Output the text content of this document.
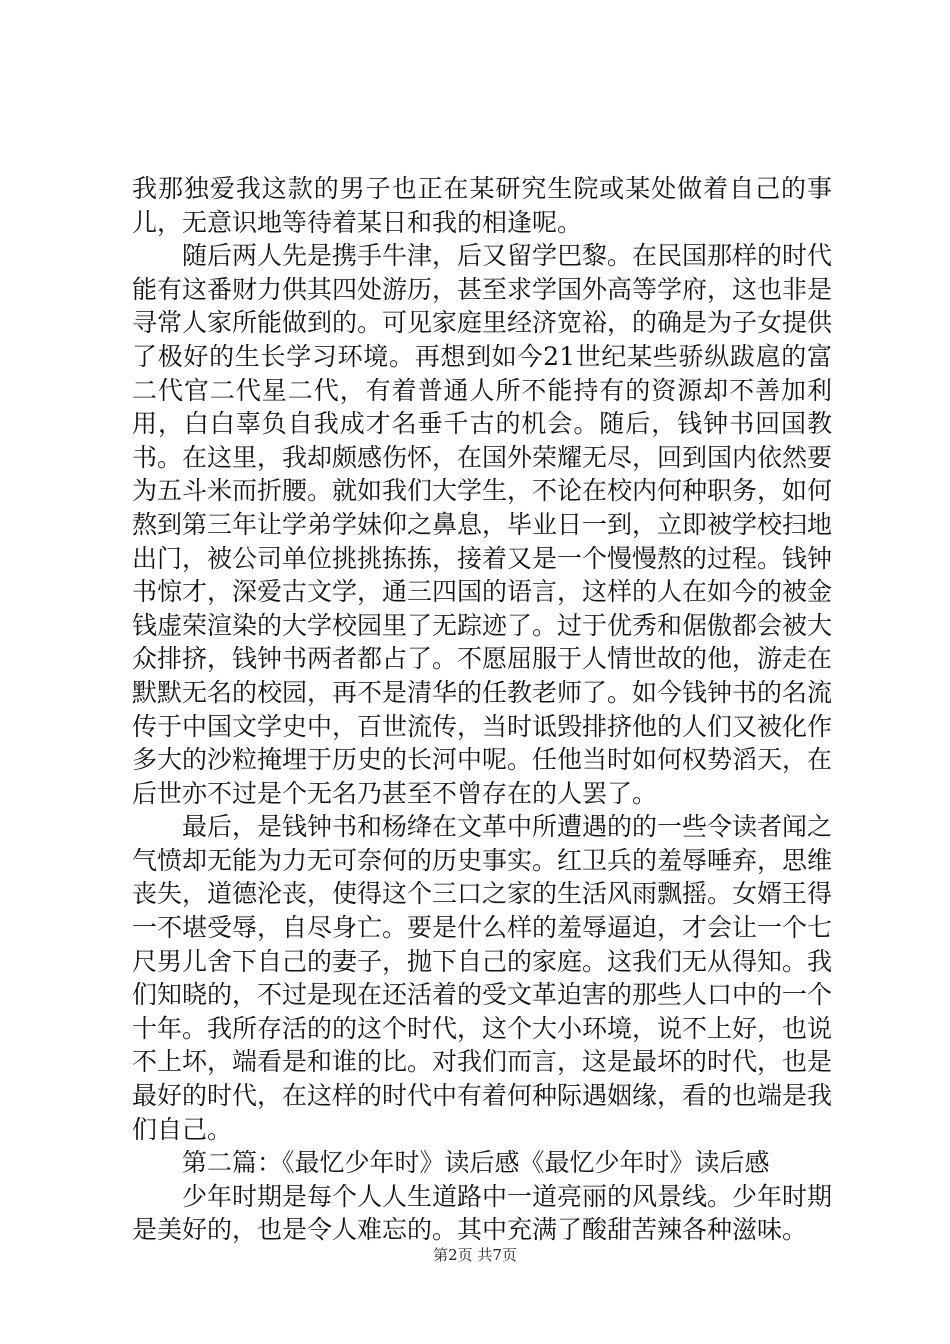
我那独爱我这款的男子也正在某研究生院或某处做着自己的事儿，无意识地等待着某日和我的相逢呢。

随后两人先是携手牛津，后又留学巴黎。在民国那样的时代能有这番财力供其四处游历，甚至求学国外高等学府，这也非是寻常人家所能做到的。可见家庭里经济宽裕，的确是为子女提供了极好的生长学习环境。再想到如今21世纪某些骄纵跋扈的富二代官二代星二代，有着普通人所不能持有的资源却不善加利用，白白辜负自我成才名垂千古的机会。随后，钱钟书回国教书。在这里，我却颇感伤怀，在国外荣耀无尽，回到国内依然要为五斗米而折腰。就如我们大学生，不论在校内何种职务，如何熬到第三年让学弟学妹仰之鼻息，毕业日一到，立即被学校扫地出门，被公司单位挑挑拣拣，接着又是一个慢慢熬的过程。钱钟书惊才，深爱古文学，通三四国的语言，这样的人在如今的被金钱虚荣渲染的大学校园里了无踪迹了。过于优秀和倨傲都会被大众排挤，钱钟书两者都占了。不愿屈服于人情世故的他，游走在默默无名的校园，再不是清华的任教老师了。如今钱钟书的名流传于中国文学史中，百世流传，当时诋毁排挤他的人们又被化作多大的沙粒掩埋于历史的长河中呢。任他当时如何权势滔天，在后世亦不过是个无名乃甚至不曾存在的人罢了。

最后，是钱钟书和杨绛在文革中所遭遇的的一些令读者闻之气愤却无能为力无可奈何的历史事实。红卫兵的羞辱唾弃，思维丧失，道德沦丧，使得这个三口之家的生活风雨飘摇。女婿王得一不堪受辱，自尽身亡。要是什么样的羞辱逼迫，才会让一个七尺男儿舍下自己的妻子，抛下自己的家庭。这我们无从得知。我们知晓的，不过是现在还活着的受文革迫害的那些人口中的一个十年。我所存活的的这个时代，这个大小环境，说不上好，也说不上坏，端看是和谁的比。对我们而言，这是最坏的时代，也是最好的时代，在这样的时代中有着何种际遇姻缘，看的也端是我们自己。

第二篇：《最忆少年时》读后感《最忆少年时》读后感

少年时期是每个人人生道路中一道亮丽的风景线。少年时期是美好的，也是令人难忘的。其中充满了酸甜苦辣各种滋味。

第2页 共7页
